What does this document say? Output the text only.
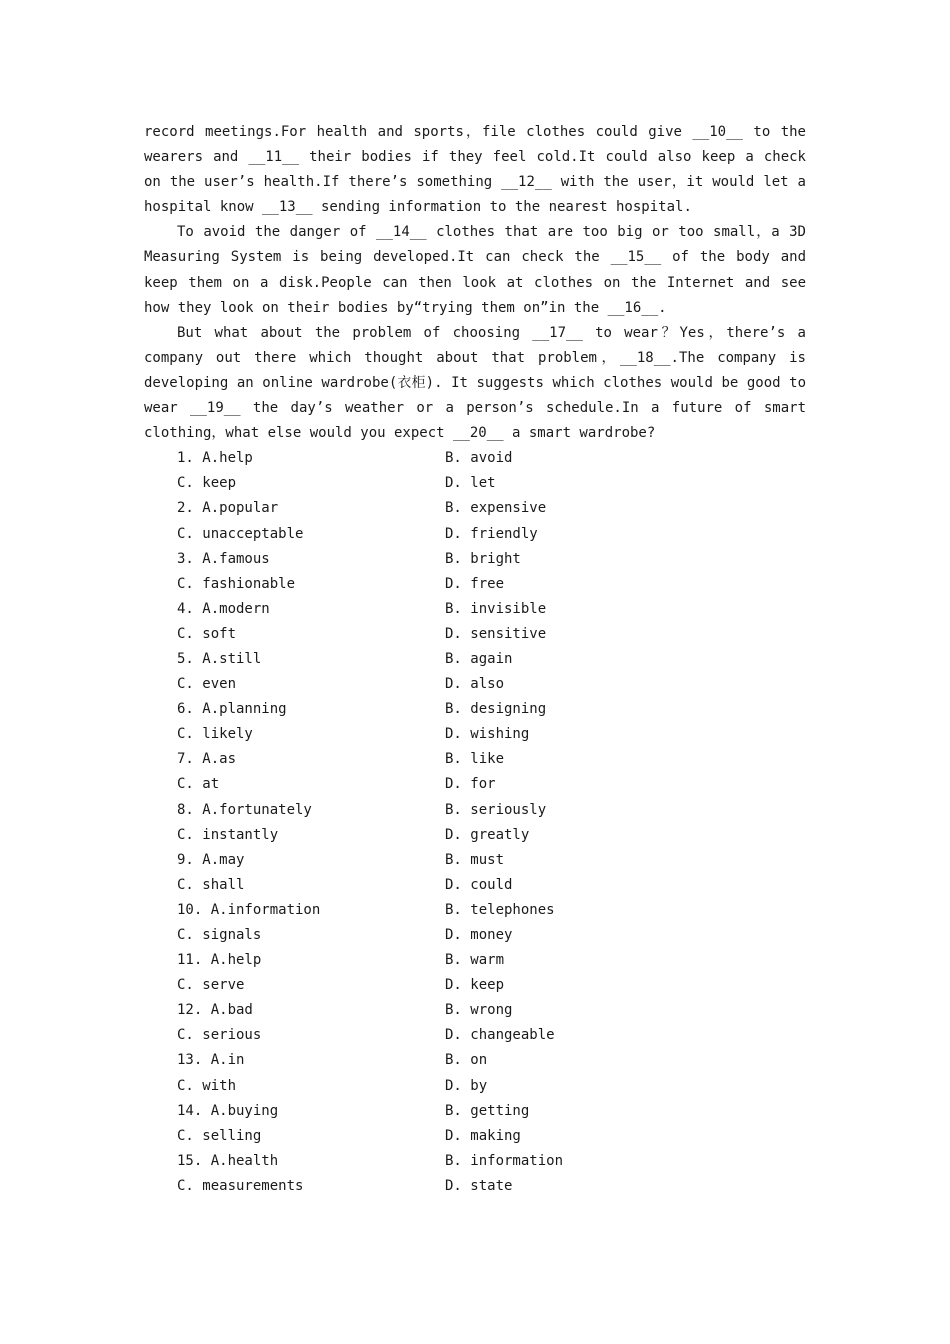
record meetings.For health and sports，file clothes could give __10__ to the wearers and __11__ their bodies if they feel cold.It could also keep a check on the user’s health.If there’s something __12__ with the user，it would let a hospital know __13__ sending information to the nearest hospital.

To avoid the danger of __14__ clothes that are too big or too small，a 3D Measuring System is being developed.It can check the __15__ of the body and keep them on a disk.People can then look at clothes on the Internet and see how they look on their bodies by“trying them on”in the __16__.

But what about the problem of choosing __17__ to wear？Yes，there’s a company out there which thought about that problem，__18__.The company is developing an online wardrobe(衣柜). It suggests which clothes would be good to wear __19__ the day’s weather or a person’s schedule.In a future of smart clothing，what else would you expect __20__ a smart wardrobe?

1. A.help	B. avoid
C. keep	D. let
2. A.popular	B. expensive
C. unacceptable	D. friendly
3. A.famous	B. bright
C. fashionable	D. free
4. A.modern	B. invisible
C. soft	D. sensitive
5. A.still	B. again
C. even	D. also
6. A.planning	B. designing
C. likely	D. wishing
7. A.as	B. like
C. at	D. for
8. A.fortunately	B. seriously
C. instantly	D. greatly
9. A.may	B. must
C. shall	D. could
10. A.information	B. telephones
C. signals	D. money
11. A.help	B. warm
C. serve	D. keep
12. A.bad	B. wrong
C. serious	D. changeable
13. A.in	B. on
C. with	D. by
14. A.buying	B. getting
C. selling	D. making
15. A.health	B. information
C. measurements	D. state
